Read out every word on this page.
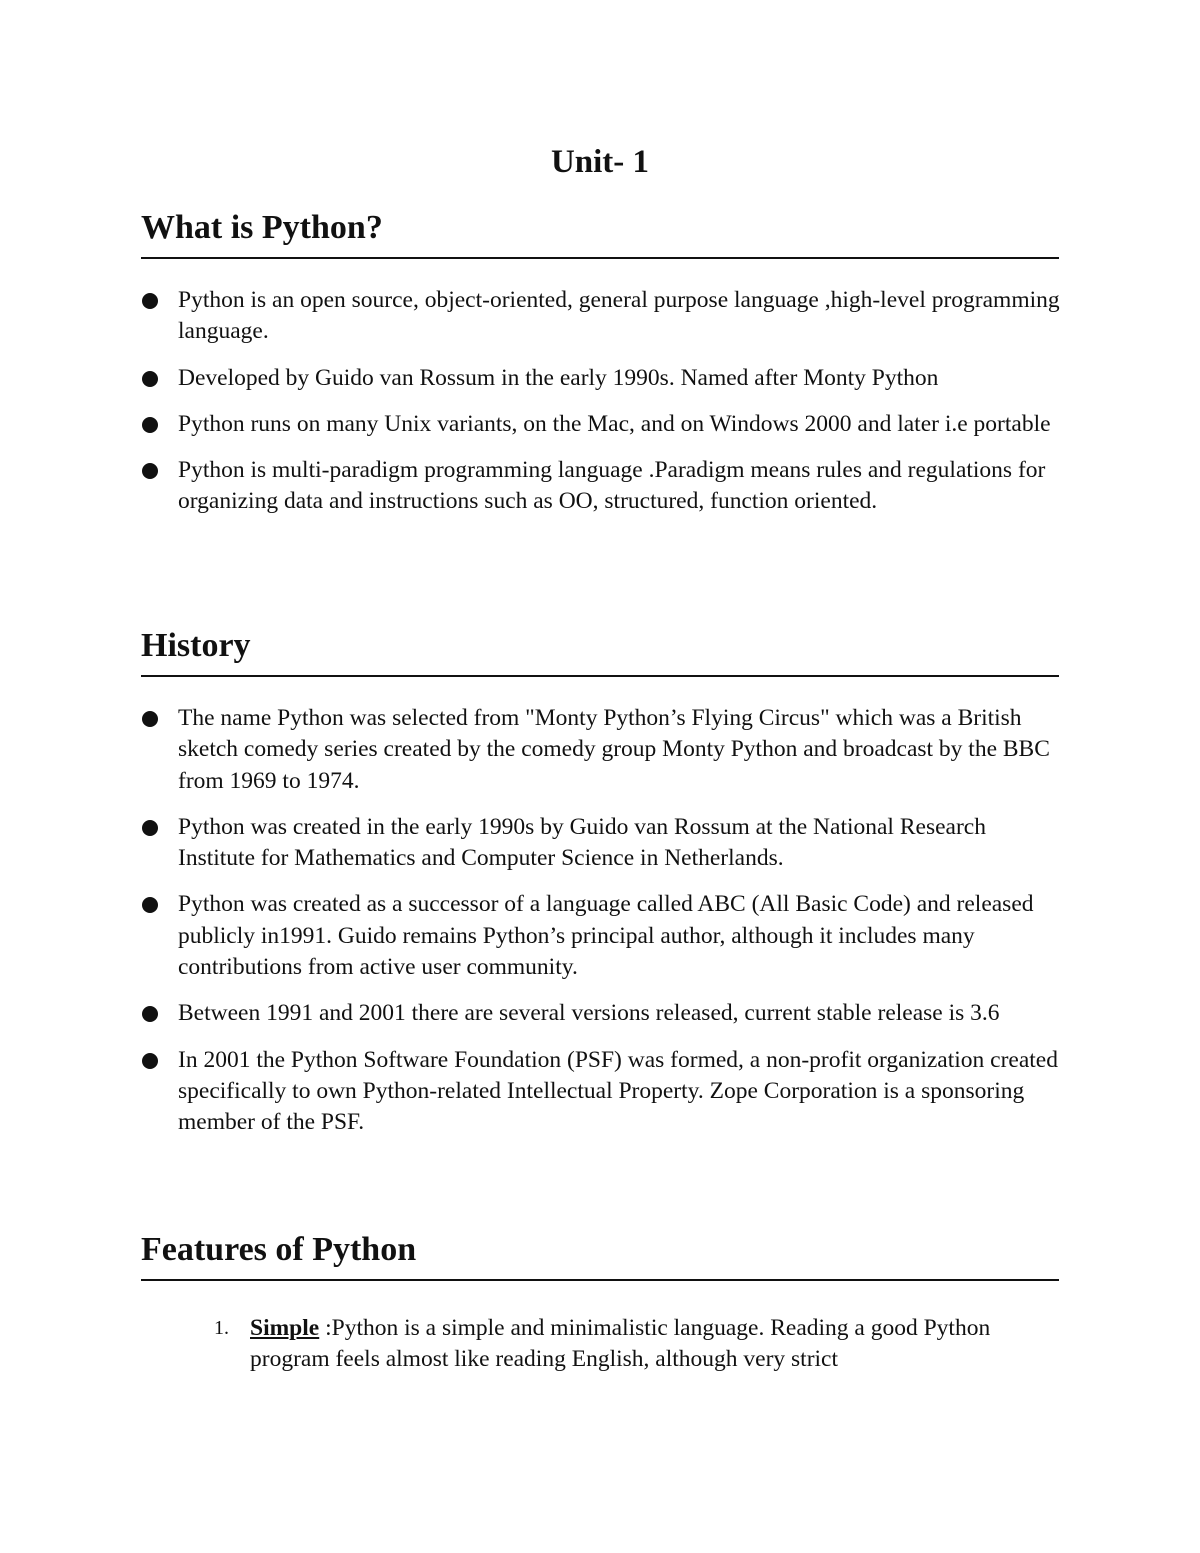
Unit- 1
What is Python?
Python is an open source, object-oriented, general purpose language ,high-level programming language.
Developed by Guido van Rossum in the early 1990s. Named after Monty Python
Python runs on many Unix variants, on the Mac, and on Windows 2000 and later i.e portable
Python is multi-paradigm programming language .Paradigm means rules and regulations for organizing data and instructions such as OO, structured, function oriented.
History
The name Python was selected from "Monty Python’s Flying Circus" which was a British sketch comedy series created by the comedy group Monty Python and broadcast by the BBC from 1969 to 1974.
Python was created in the early 1990s by Guido van Rossum at the National Research Institute for Mathematics and Computer Science in Netherlands.
Python was created as a successor of a language called ABC (All Basic Code) and released publicly in1991. Guido remains Python’s principal author, although it includes many contributions from active user community.
Between 1991 and 2001 there are several versions released, current stable release is 3.6
In 2001 the Python Software Foundation (PSF) was formed, a non-profit organization created specifically to own Python-related Intellectual Property. Zope Corporation is a sponsoring member of the PSF.
Features of Python
1. Simple :Python is a simple and minimalistic language. Reading a good Python program feels almost like reading English, although very strict
